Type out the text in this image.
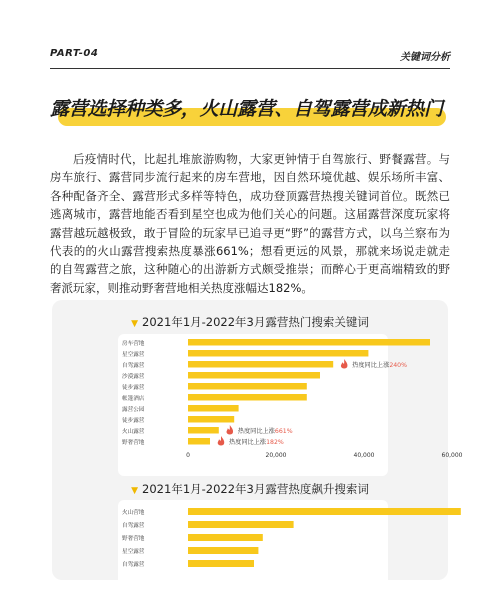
PART-04	关键词分析
露营选择种类多，火山露营、自驾露营成新热门
后疫情时代，比起扎堆旅游购物，大家更钟情于自驾旅行、野餐露营。与房车旅行、露营同步流行起来的房车营地，因自然环境优越、娱乐场所丰富、各种配备齐全、露营形式多样等特色，成功登顶露营热搜关键词首位。既然已逃离城市，露营地能否看到星空也成为他们关心的问题。这届露营深度玩家将露营越玩越极致，敢于冒险的玩家早已追寻更“野”的露营方式，以乌兰察布为代表的的火山露营搜索热度暴涨661%；想看更远的风景，那就来场说走就走的自驾露营之旅，这种随心的出游新方式颇受推崇；而醉心于更高端精致的野奢派玩家，则推动野奢营地相关热度涨幅达182%。
▼ 2021年1月-2022年3月露营热门搜索关键词
房车营地
星空露营
自驾露营
沙漠露营
徒步露营
帐篷酒店
露营公园
徒步露营
火山露营
野奢营地
热度同比上涨240%
热度同比上涨661%
热度同比上涨182%
0	20,000	40,000	60,000
▼ 2021年1月-2022年3月露营热度飙升搜索词
火山营地
自驾露营
野奢营地
星空露营
自驾露营
